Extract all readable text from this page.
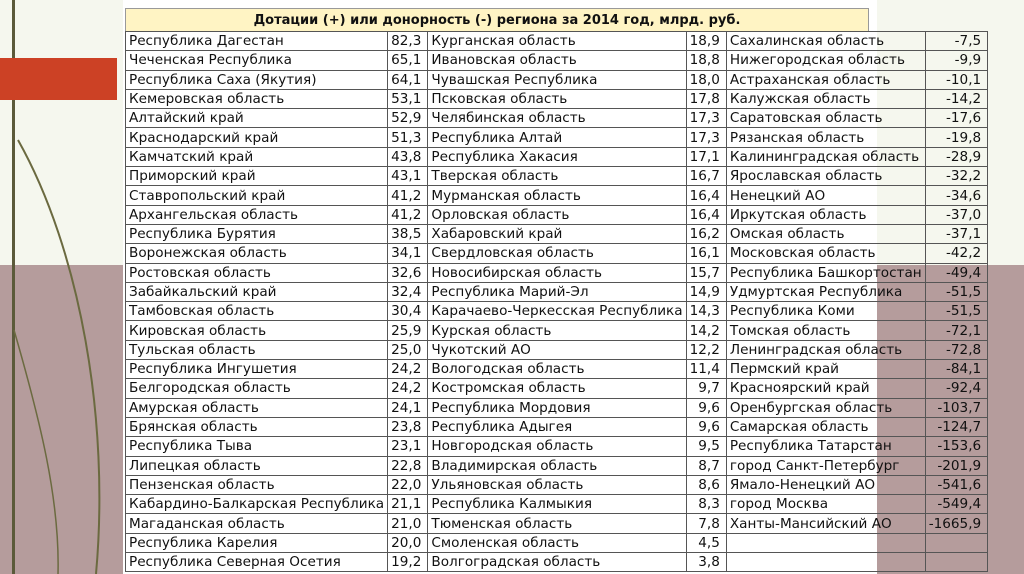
Дотации (+) или донорность (-) региона за 2014 год, млрд. руб.
Республика Дагестан	82,3	Курганская область	18,9	Сахалинская область	-7,5
Чеченская Республика	65,1	Ивановская область	18,8	Нижегородская область	-9,9
Республика Саха (Якутия)	64,1	Чувашская Республика	18,0	Астраханская область	-10,1
Кемеровская область	53,1	Псковская область	17,8	Калужская область	-14,2
Алтайский край	52,9	Челябинская область	17,3	Саратовская область	-17,6
Краснодарский край	51,3	Республика Алтай	17,3	Рязанская область	-19,8
Камчатский край	43,8	Республика Хакасия	17,1	Калининградская область	-28,9
Приморский край	43,1	Тверская область	16,7	Ярославская область	-32,2
Ставропольский край	41,2	Мурманская область	16,4	Ненецкий АО	-34,6
Архангельская область	41,2	Орловская область	16,4	Иркутская область	-37,0
Республика Бурятия	38,5	Хабаровский край	16,2	Омская область	-37,1
Воронежская область	34,1	Свердловская область	16,1	Московская область	-42,2
Ростовская область	32,6	Новосибирская область	15,7	Республика Башкортостан	-49,4
Забайкальский край	32,4	Республика Марий-Эл	14,9	Удмуртская Республика	-51,5
Тамбовская область	30,4	Карачаево-Черкесская Республика	14,3	Республика Коми	-51,5
Кировская область	25,9	Курская область	14,2	Томская область	-72,1
Тульская область	25,0	Чукотский АО	12,2	Ленинградская область	-72,8
Республика Ингушетия	24,2	Вологодская область	11,4	Пермский край	-84,1
Белгородская область	24,2	Костромская область	9,7	Красноярский край	-92,4
Амурская область	24,1	Республика Мордовия	9,6	Оренбургская область	-103,7
Брянская область	23,8	Республика Адыгея	9,6	Самарская область	-124,7
Республика Тыва	23,1	Новгородская область	9,5	Республика Татарстан	-153,6
Липецкая область	22,8	Владимирская область	8,7	город Санкт-Петербург	-201,9
Пензенская область	22,0	Ульяновская область	8,6	Ямало-Ненецкий АО	-541,6
Кабардино-Балкарская Республика	21,1	Республика Калмыкия	8,3	город Москва	-549,4
Магаданская область	21,0	Тюменская область	7,8	Ханты-Мансийский АО	-1665,9
Республика Карелия	20,0	Смоленская область	4,5		
Республика Северная Осетия	19,2	Волгоградская область	3,8		
